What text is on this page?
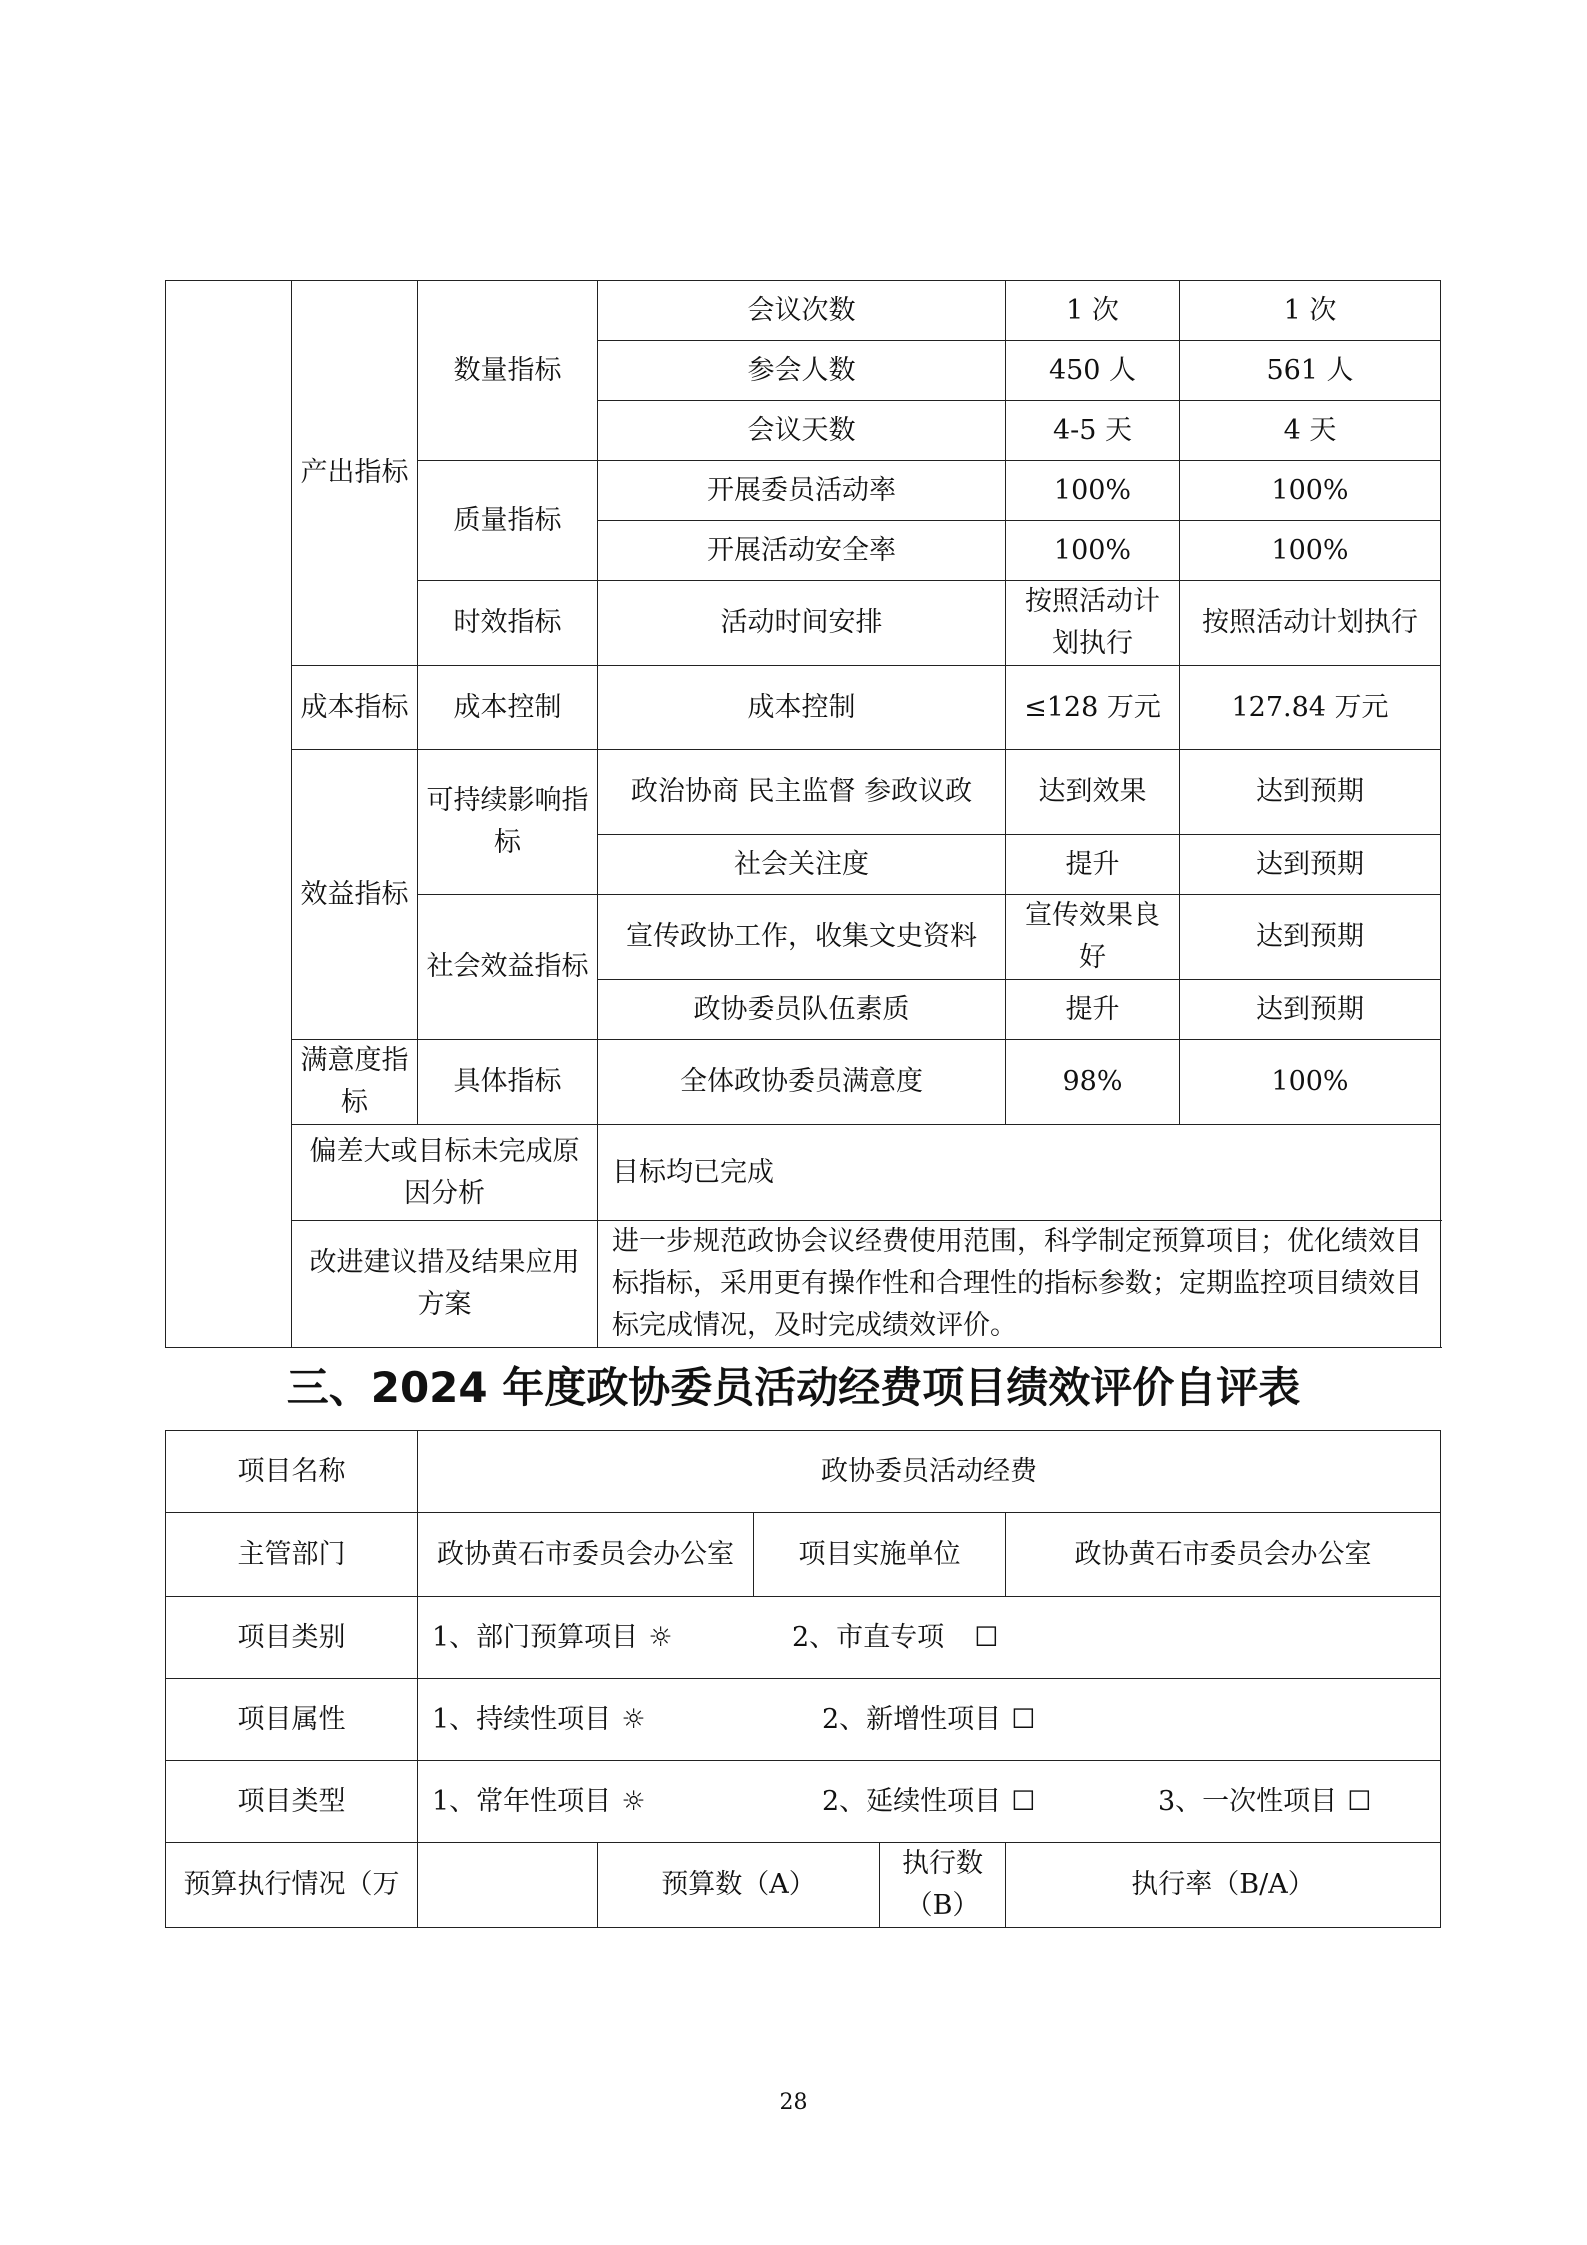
	产出指标	数量指标	会议次数	1 次	1 次
			参会人数	450 人	561 人
			会议天数	4-5 天	4 天
		质量指标	开展委员活动率	100%	100%
			开展活动安全率	100%	100%
		时效指标	活动时间安排	按照活动计划执行	按照活动计划执行
	成本指标	成本控制	成本控制	≤128 万元	127.84 万元
	效益指标	可持续影响指标	政治协商 民主监督 参政议政	达到效果	达到预期
			社会关注度	提升	达到预期
		社会效益指标	宣传政协工作，收集文史资料	宣传效果良好	达到预期
			政协委员队伍素质	提升	达到预期
	满意度指标	具体指标	全体政协委员满意度	98%	100%
	偏差大或目标未完成原因分析		目标均已完成		
	改进建议措及结果应用方案		进一步规范政协会议经费使用范围，科学制定预算项目；优化绩效目标指标，采用更有操作性和合理性的指标参数；定期监控项目绩效目标完成情况，及时完成绩效评价。		
三、2024 年度政协委员活动经费项目绩效评价自评表
项目名称	政协委员活动经费				
主管部门	政协黄石市委员会办公室		项目实施单位		政协黄石市委员会办公室
项目类别	1、部门预算项目 ☼ 2、市直专项 ☐				
项目属性	1、持续性项目 ☼ 2、新增性项目 ☐				
项目类型	1、常年性项目 ☼ 2、延续性项目 ☐ 3、一次性项目 ☐				
预算执行情况（万		预算数（A）		执行数（B）	执行率（B/A）
28
